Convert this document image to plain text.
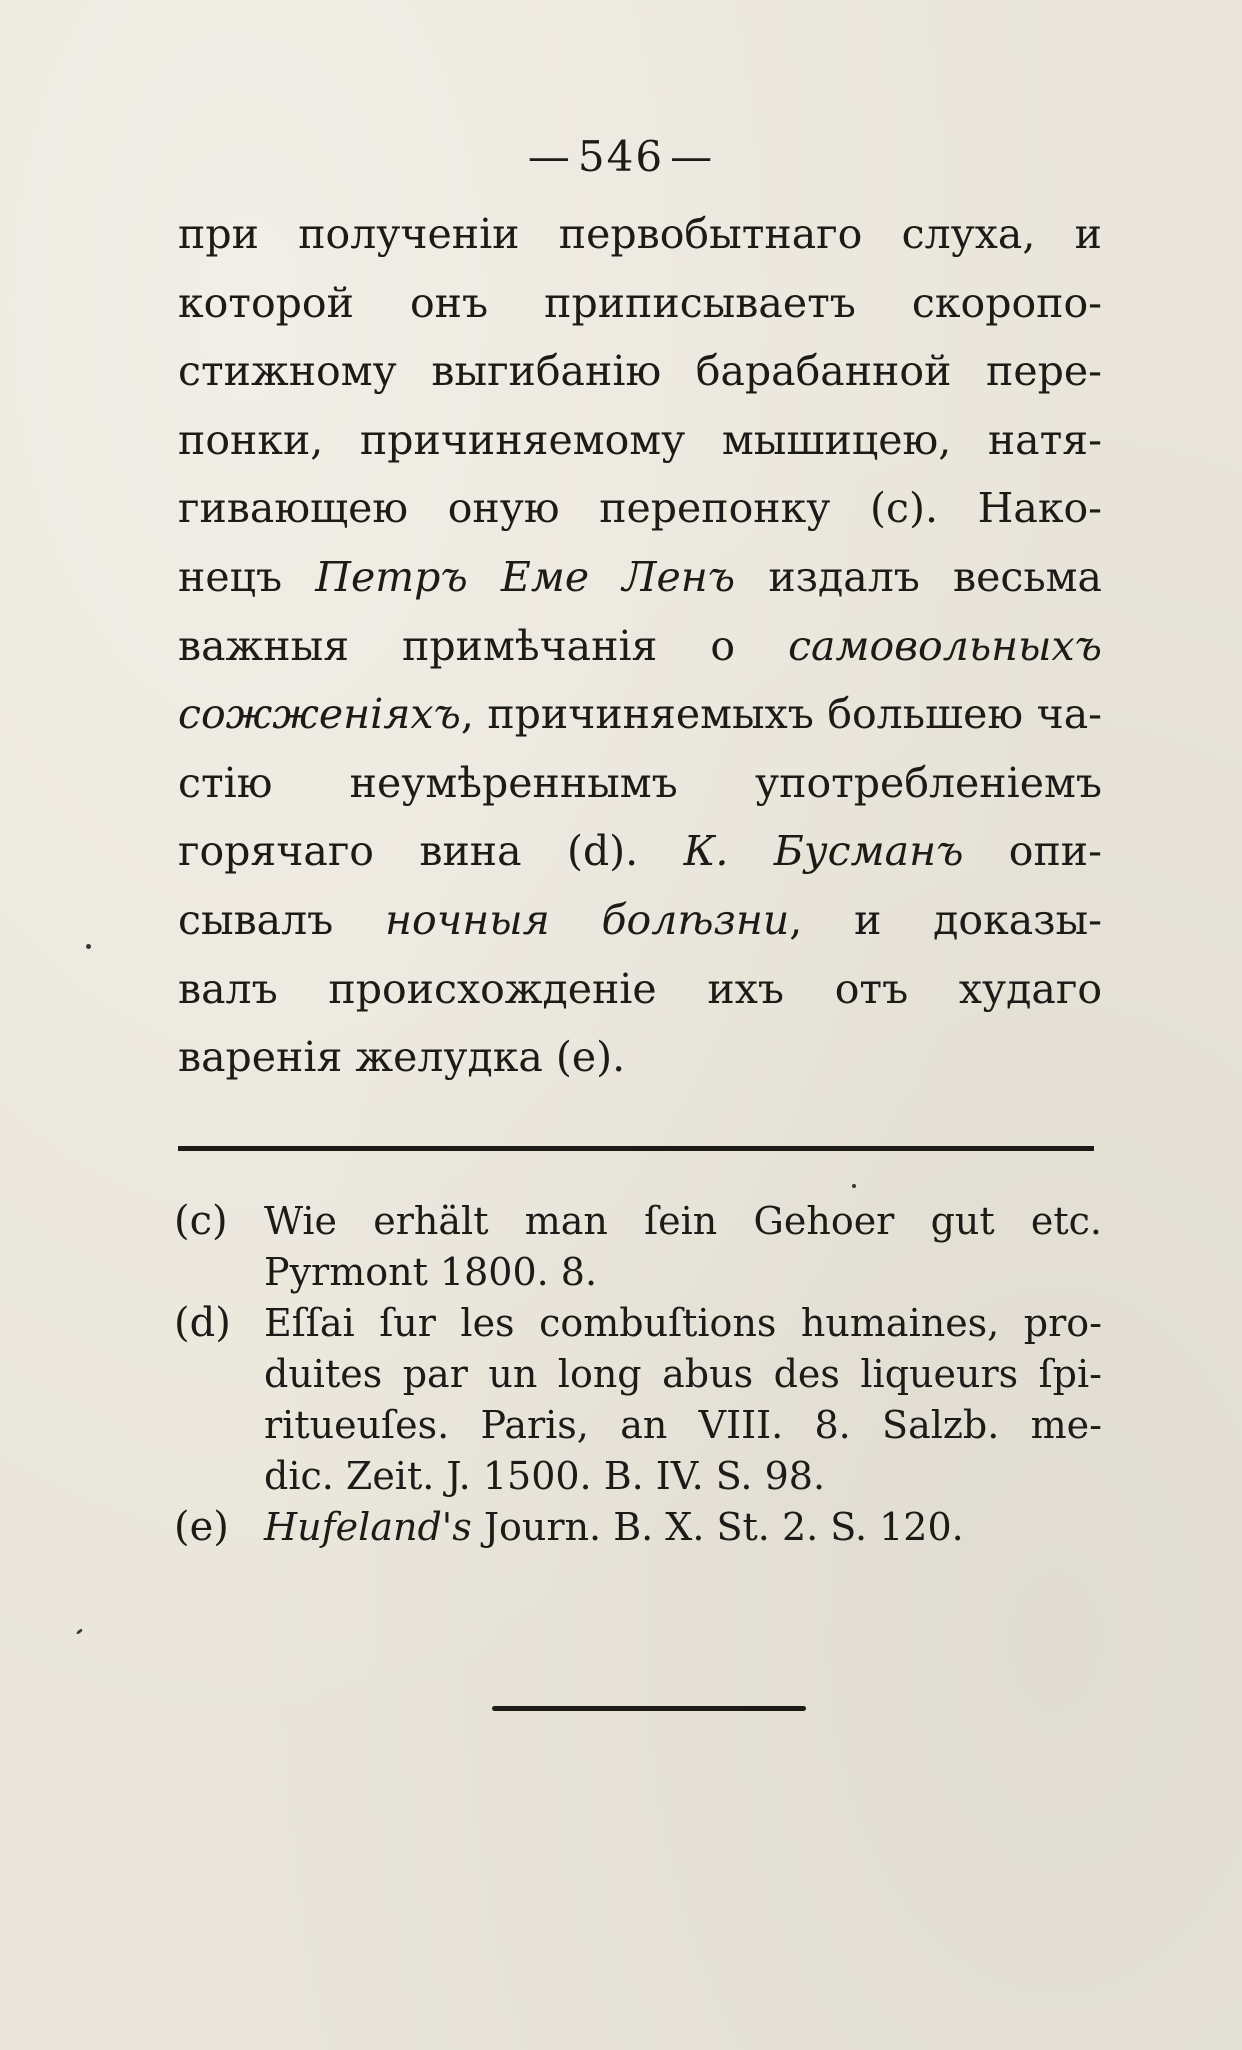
— 546 —
при полученіи первобытнаго слуха, и
которой онъ приписываетъ скоропо-
стижному выгибанію барабанной пере-
понки, причиняемому мышицею, натя-
гивающею оную перепонку (c). Нако-
нецъ Петръ Еме Ленъ издалъ весьма
важныя примѣчанія о самовольныхъ
сожженіяхъ, причиняемыхъ большею ча-
стію неумѣреннымъ употребленіемъ
горячаго вина (d). К. Бусманъ опи-
сывалъ ночныя болѣзни, и доказы-
валъ происхожденіе ихъ отъ худаго
варенія желудка (e).
(c) Wie erhält man ſein Gehoer gut etc.
Pyrmont 1800. 8.
(d) Eſſai ſur les combuſtions humaines, pro-
duites par un long abus des liqueurs ſpi-
ritueuſes. Paris, an VIII. 8. Salzb. me-
dic. Zeit. J. 1500. B. IV. S. 98.
(e) Hufeland's Journ. B. X. St. 2. S. 120.
